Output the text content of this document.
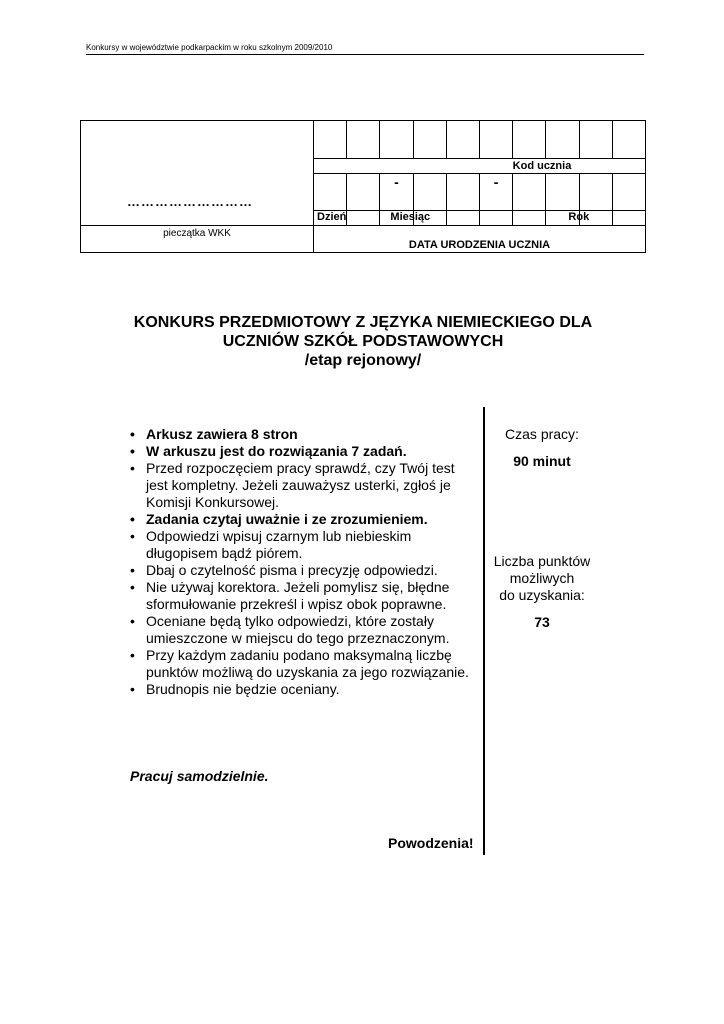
Konkursy w województwie podkarpackim w roku szkolnym 2009/2010
………………………
pieczątka WKK
Kod ucznia
-	-
Dzień	Miesiąc	Rok
DATA URODZENIA UCZNIA
KONKURS PRZEDMIOTOWY Z JĘZYKA NIEMIECKIEGO DLA
UCZNIÓW SZKÓŁ PODSTAWOWYCH
/etap rejonowy/
• Arkusz zawiera 8 stron
• W arkuszu jest do rozwiązania 7 zadań.
• Przed rozpoczęciem pracy sprawdź, czy Twój test jest kompletny. Jeżeli zauważysz usterki, zgłoś je Komisji Konkursowej.
• Zadania czytaj uważnie i ze zrozumieniem.
• Odpowiedzi wpisuj czarnym lub niebieskim długopisem bądź piórem.
• Dbaj o czytelność pisma i precyzję odpowiedzi.
• Nie używaj korektora. Jeżeli pomylisz się, błędne sformułowanie przekreśl i wpisz obok poprawne.
• Oceniane będą tylko odpowiedzi, które zostały umieszczone w miejscu do tego przeznaczonym.
• Przy każdym zadaniu podano maksymalną liczbę punktów możliwą do uzyskania za jego rozwiązanie.
• Brudnopis nie będzie oceniany.
Pracuj samodzielnie.
Powodzenia!
Czas pracy:
90 minut
Liczba punktów
możliwych
do uzyskania:
73
